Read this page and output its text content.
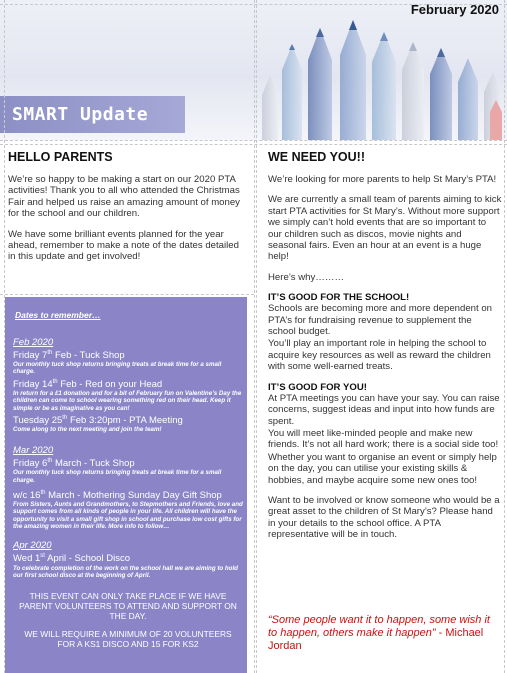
February 2020
SMART Update
HELLO PARENTS

We’re so happy to be making a start on our 2020 PTA activities! Thank you to all who attended the Christmas Fair and helped us raise an amazing amount of money for the school and our children.

We have some brilliant events planned for the year ahead, remember to make a note of the dates detailed in this update and get involved!

Dates to remember…
Feb 2020
Friday 7th Feb - Tuck Shop
Our monthly tuck shop returns bringing treats at break time for a small charge.
Friday 14th Feb - Red on your Head
In return for a £1 donation and for a bit of February fun on Valentine’s Day the children can come to school wearing something red on their head. Keep it simple or be as imaginative as you can!
Tuesday 25th Feb 3:20pm - PTA Meeting
Come along to the next meeting and join the team!
Mar 2020
Friday 6th March - Tuck Shop
Our monthly tuck shop returns bringing treats at break time for a small charge.
w/c 16th March - Mothering Sunday Day Gift Shop
From Sisters, Aunts and Grandmothers, to Stepmothers and Friends, love and support comes from all kinds of people in your life. All children will have the opportunity to visit a small gift shop in school and purchase low cost gifts for the amazing women in their life. More info to follow…
Apr 2020
Wed 1st April - School Disco
To celebrate completion of the work on the school hall we are aiming to hold our first school disco at the beginning of April.
THIS EVENT CAN ONLY TAKE PLACE IF WE HAVE PARENT VOLUNTEERS TO ATTEND AND SUPPORT ON THE DAY.
WE WILL REQUIRE A MINIMUM OF 20 VOLUNTEERS FOR A KS1 DISCO AND 15 FOR KS2
WE NEED YOU!!

We’re looking for more parents to help St Mary’s PTA!

We are currently a small team of parents aiming to kick start PTA activities for St Mary’s. Without more support we simply can’t hold events that are so important to our children such as discos, movie nights and seasonal fairs. Even an hour at an event is a huge help!

Here’s why………

IT’S GOOD FOR THE SCHOOL!

Schools are becoming more and more dependent on PTA’s for fundraising revenue to supplement the school budget.

You’ll play an important role in helping the school to acquire key resources as well as reward the children with some well-earned treats.

IT’S GOOD FOR YOU!

At PTA meetings you can have your say. You can raise concerns, suggest ideas and input into how funds are spent.

You will meet like-minded people and make new friends. It’s not all hard work; there is a social side too!

Whether you want to organise an event or simply help on the day, you can utilise your existing skills & hobbies, and maybe acquire some new ones too!

Want to be involved or know someone who would be a great asset to the children of St Mary’s? Please hand in your details to the school office. A PTA representative will be in touch.

“Some people want it to happen, some wish it to happen, others make it happen” - Michael Jordan
